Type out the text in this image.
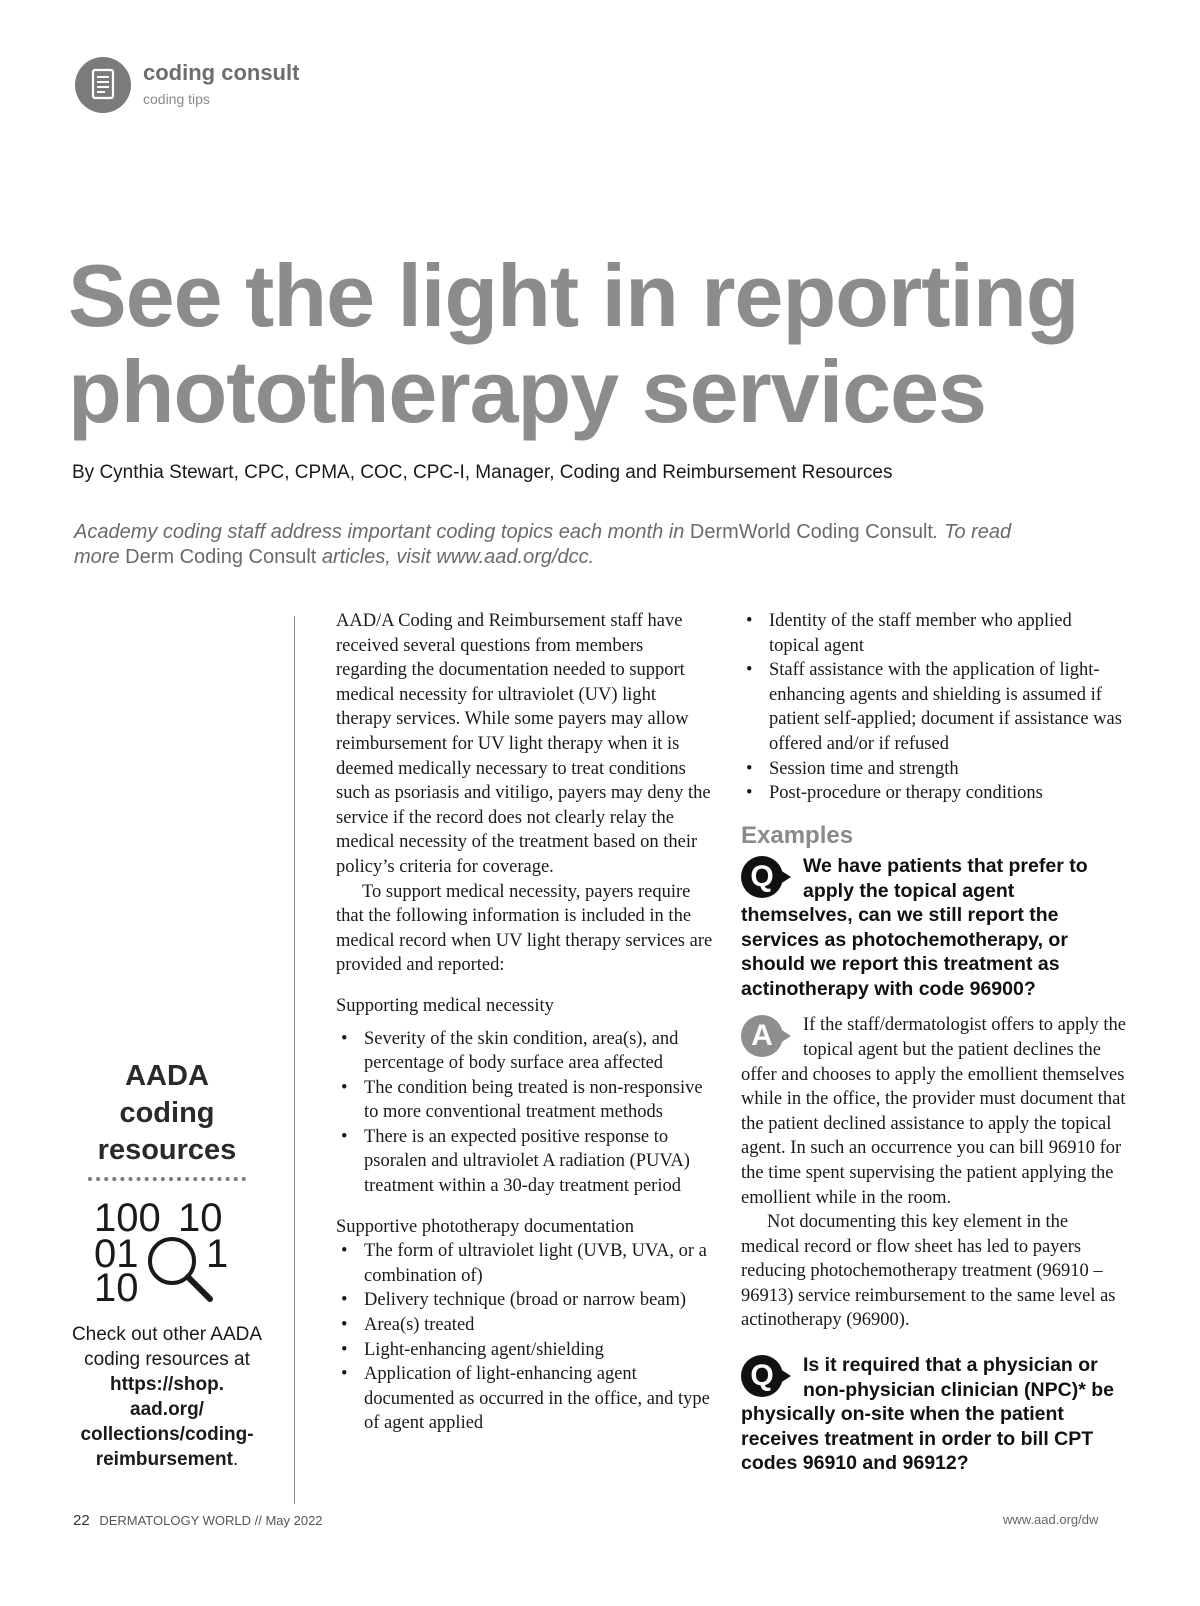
coding consult
coding tips
See the light in reporting
phototherapy services
By Cynthia Stewart, CPC, CPMA, COC, CPC-I, Manager, Coding and Reimbursement Resources
Academy coding staff address important coding topics each month in DermWorld Coding Consult. To read more Derm Coding Consult articles, visit www.aad.org/dcc.
AADA
coding
resources
100 10
01 1
10
Check out other AADA coding resources at
https://shop.
aad.org/
collections/coding-
reimbursement.

AAD/A Coding and Reimbursement staff have received several questions from members regarding the documentation needed to support medical necessity for ultraviolet (UV) light therapy services. While some payers may allow reimbursement for UV light therapy when it is deemed medically necessary to treat conditions such as psoriasis and vitiligo, payers may deny the service if the record does not clearly relay the medical necessity of the treatment based on their policy’s criteria for coverage.

To support medical necessity, payers require that the following information is included in the medical record when UV light therapy services are provided and reported:

Supporting medical necessity

• Severity of the skin condition, area(s), and percentage of body surface area affected
• The condition being treated is non-responsive to more conventional treatment methods
• There is an expected positive response to psoralen and ultraviolet A radiation (PUVA) treatment within a 30-day treatment period

Supportive phototherapy documentation

• The form of ultraviolet light (UVB, UVA, or a combination of)
• Delivery technique (broad or narrow beam)
• Area(s) treated
• Light-enhancing agent/shielding
• Application of light-enhancing agent documented as occurred in the office, and type of agent applied
• Identity of the staff member who applied topical agent
• Staff assistance with the application of light-enhancing agents and shielding is assumed if patient self-applied; document if assistance was offered and/or if refused
• Session time and strength
• Post-procedure or therapy conditions
Examples
Q	We have patients that prefer to apply the topical agent themselves, can we still report the services as photochemotherapy, or should we report this treatment as actinotherapy with code 96900?
A	If the staff/dermatologist offers to apply the topical agent but the patient declines the offer and chooses to apply the emollient themselves while in the office, the provider must document that the patient declined assistance to apply the topical agent. In such an occurrence you can bill 96910 for the time spent supervising the patient applying the emollient while in the room.

Not documenting this key element in the medical record or flow sheet has led to payers reducing photochemotherapy treatment (96910 – 96913) service reimbursement to the same level as actinotherapy (96900).

Q	Is it required that a physician or non-physician clinician (NPC)* be physically on-site when the patient receives treatment in order to bill CPT codes 96910 and 96912?
22 DERMATOLOGY WORLD // May 2022	www.aad.org/dw
